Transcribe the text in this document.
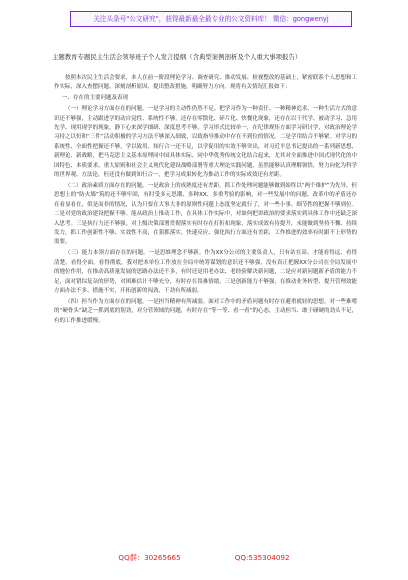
关注头条号"公文研究"，获得最新最全最专业的公文资料库！ 微信：gongwenyj
主题教育专题民主生活会领导班子个人发言提纲（含典型案例剖析及个人重大事项报告）

按照本次民主生活会要求，本人在前一阶段理论学习、调查研究、推动发展、检视整改的基础上，紧密联系个人思想和工作实际，深入查摆问题、深刻剖析原因、提出整改措施，明确努力方向。现将有关情况汇报如下：

一、存在的主要问题及表现

（一）理论学习方面存在的问题。一是学习的主动性仍然不足。把学习作为一种责任、一种精神追求、一种生活方式的意识还不够强，主动跟进学的动自觉性、系统性不够，还存在零散化、碎片化、快餐化现象，还存在以干代学、被动学习、急用先学、现用现学的现象，静下心来深学细研、深度思考不够，学习形式比较单一，在纪律规矩方面学习研讨学，对政治理论学习持之以恒和“三件”活动积极的学习方法不够深入细致，以致指导推动中存在不到位的情况。二是学用结合不够紧。对学习的系统性、全面性把握还不够，学以致用、知行合一还不足，以学促用的实效不够突出，对习近平总书记提出的一系列新思想、新理论、新战略，把马克思主义基本原理同中国具体实际、同中华优秀传统文化结合起来，尤其对全面推进中国式现代化的中国特色、本质要求，重大原则和社会主义现代化建设战略部署等重大理论实践问题，虽然能够认真理解领悟，努力向化为科学的世界观、方法论，但还没有做到知行合一，把学习成果转化为推动工作的实际成效还有差距。

（二）政治素质方面存在的问题。一是政治上的成熟度还有差距。抓工作处理问题能够做到始终以“两个维护”为先导，但思想上的“防火墙”筑的还不够牢固，有时受多元思潮、多种XX、多重考验的影响，对一些发展中的问题、改革中的矛盾还存在看显看在，似是而非的情况，认为只要在大事大非的原则性问题上态度坚定就行了，对一些小事、细节性的把握不够到位。二是对党的政治建设把握不够。能从政治上推动工作，在具体工作实际中，对如何把讲政治的要求落实到具体工作中还缺乏深入思考。三是执行力还不够强。对上级决策部署贯彻落实有时存在打折扣现象，落实成效有待提升，未能做到坚持不懈、持续发力，抓工作创新性不够、实效性不高，在狠抓落实、快速反应、强化执行方面还有差距，工作推进的效率有时跟不上形势的需要。

（三）能力本领方面存在的问题。一是思维理念不够新。作为XX分公司的主要负责人，只有站在高、才能看得远、看得清楚。看得全面。看得彻底，我对把本单位工作放在全局中统筹谋划的意识还不够强，没有真正把握XX分公司在全局发展中的地位作用，在推动高质量发展的思路办法还不多，有时还是用老办法、老经验解决新问题，二是应对新问题新矛盾的能力不足，面对错综复杂的形势，对困难估计不够充分，有时存在畏难情绪。三是创新能力不够强，在推动业务转型、提升管理效能方面办法不多、措施不实，开拓创新的闯劲、干劲有所减弱。

（四）担当作为方面存在的问题。一是担当精神有所减弱。面对工作中的矛盾问题有时存在避重就轻的思想，对一些难啃的“硬骨头”缺乏一抓到底的韧劲，对分管领域的问题，有时存在“等一等、看一看”的心态，主动担当、敢于碰硬的劲头不足，有的工作推进缓慢。

QQ群：30265665	QQ:535304092
